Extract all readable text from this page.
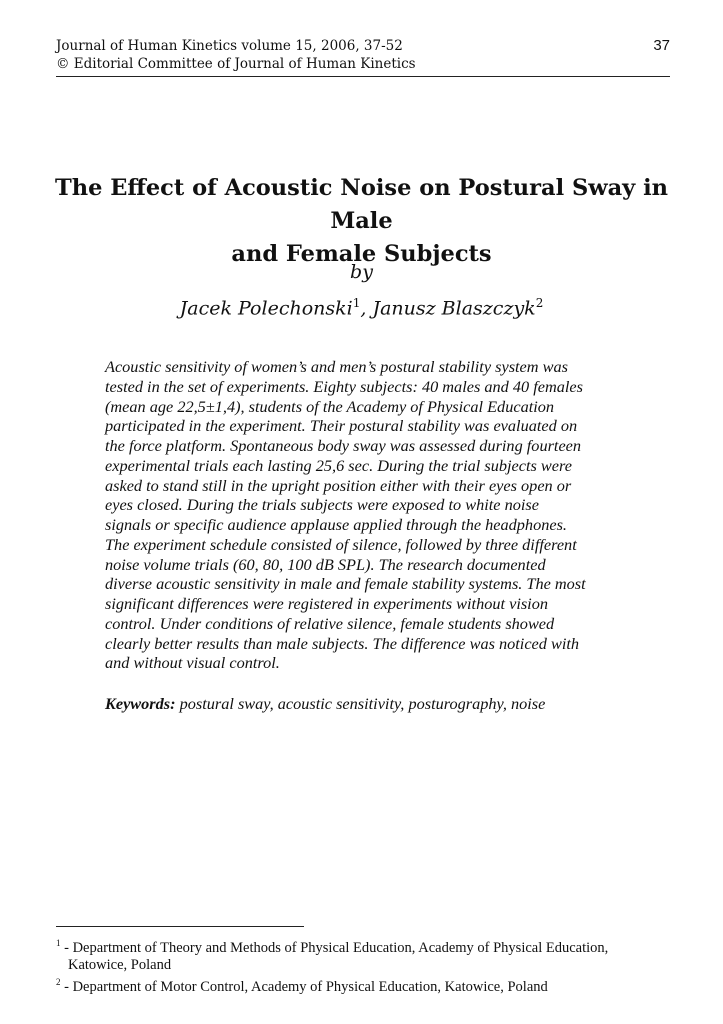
Journal of Human Kinetics volume 15, 2006, 37-52
© Editorial Committee of Journal of Human Kinetics
37
The Effect of Acoustic Noise on Postural Sway in Male
and Female Subjects
by
Jacek Polechonski$^1$, Janusz Blaszczyk$^2$
Acoustic sensitivity of women’s and men’s postural stability system was
tested in the set of experiments. Eighty subjects: 40 males and 40 females
(mean age 22,5±1,4), students of the Academy of Physical Education
participated in the experiment. Their postural stability was evaluated on
the force platform. Spontaneous body sway was assessed during fourteen
experimental trials each lasting 25,6 sec. During the trial subjects were
asked to stand still in the upright position either with their eyes open or
eyes closed. During the trials subjects were exposed to white noise
signals or specific audience applause applied through the headphones.
The experiment schedule consisted of silence, followed by three different
noise volume trials (60, 80, 100 dB SPL). The research documented
diverse acoustic sensitivity in male and female stability systems. The most
significant differences were registered in experiments without vision
control. Under conditions of relative silence, female students showed
clearly better results than male subjects. The difference was noticed with
and without visual control.
Keywords: postural sway, acoustic sensitivity, posturography, noise
$^1$ - Department of Theory and Methods of Physical Education, Academy of Physical Education,
Katowice, Poland
$^2$ - Department of Motor Control, Academy of Physical Education, Katowice, Poland
